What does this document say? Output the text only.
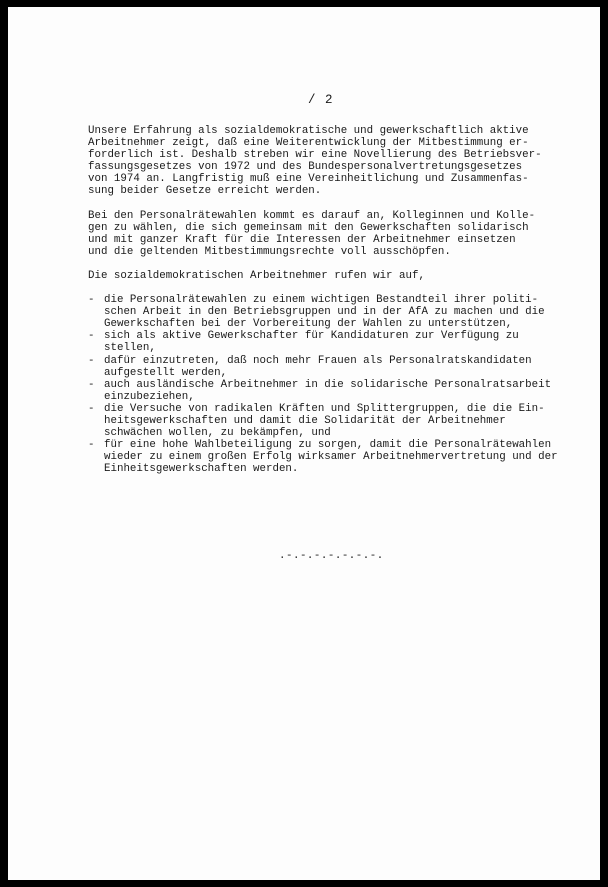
/ 2
Unsere Erfahrung als sozialdemokratische und gewerkschaftlich aktive
Arbeitnehmer zeigt, daß eine Weiterentwicklung der Mitbestimmung er-
forderlich ist. Deshalb streben wir eine Novellierung des Betriebsver-
fassungsgesetzes von 1972 und des Bundespersonalvertretungsgesetzes
von 1974 an. Langfristig muß eine Vereinheitlichung und Zusammenfas-
sung beider Gesetze erreicht werden.
Bei den Personalrätewahlen kommt es darauf an, Kolleginnen und Kolle-
gen zu wählen, die sich gemeinsam mit den Gewerkschaften solidarisch
und mit ganzer Kraft für die Interessen der Arbeitnehmer einsetzen
und die geltenden Mitbestimmungsrechte voll ausschöpfen.
Die sozialdemokratischen Arbeitnehmer rufen wir auf,
- die Personalrätewahlen zu einem wichtigen Bestandteil ihrer politi-
schen Arbeit in den Betriebsgruppen und in der AfA zu machen und die
Gewerkschaften bei der Vorbereitung der Wahlen zu unterstützen,
- sich als aktive Gewerkschafter für Kandidaturen zur Verfügung zu
stellen,
- dafür einzutreten, daß noch mehr Frauen als Personalratskandidaten
aufgestellt werden,
- auch ausländische Arbeitnehmer in die solidarische Personalratsarbeit
einzubeziehen,
- die Versuche von radikalen Kräften und Splittergruppen, die die Ein-
heitsgewerkschaften und damit die Solidarität der Arbeitnehmer
schwächen wollen, zu bekämpfen, und
- für eine hohe Wahlbeteiligung zu sorgen, damit die Personalrätewahlen
wieder zu einem großen Erfolg wirksamer Arbeitnehmervertretung und der
Einheitsgewerkschaften werden.
.-.-.-.-.-.-.-.
